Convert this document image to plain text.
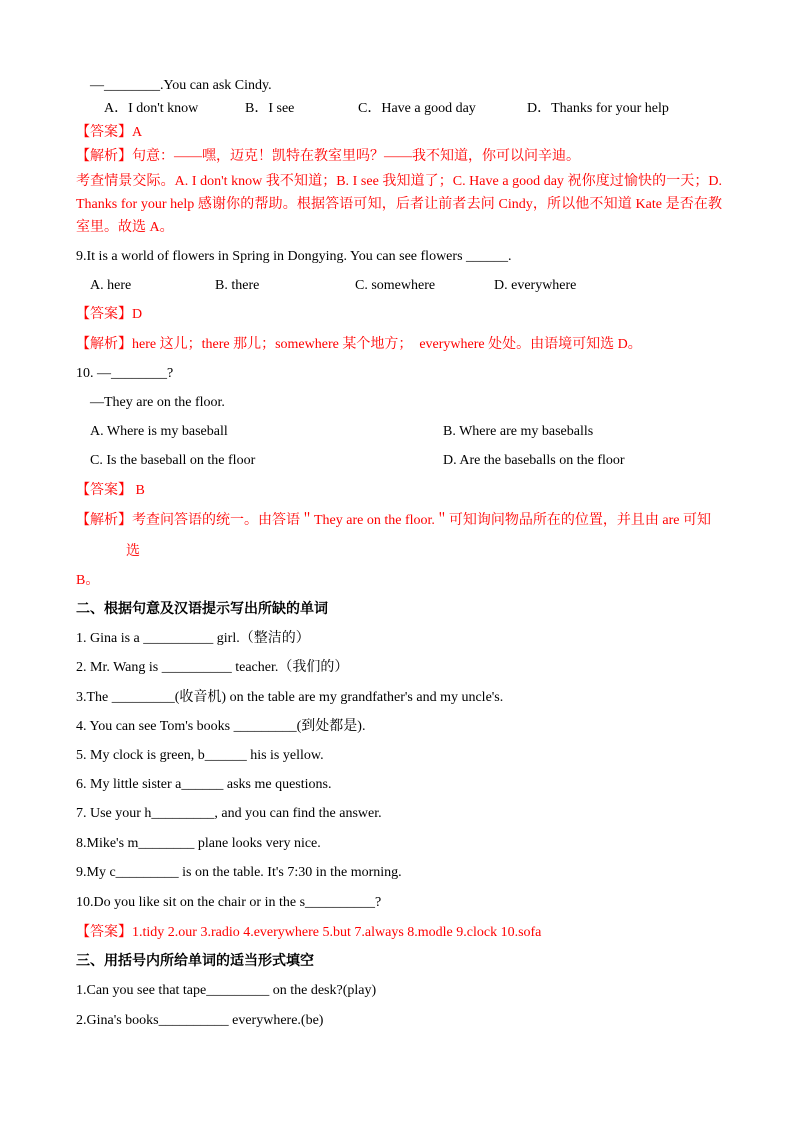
—________.You can ask Cindy.
A．I don't know	B．I see	C．Have a good day	D．Thanks for your help
【答案】A
【解析】句意：——嘿，迈克！凯特在教室里吗？——我不知道，你可以问辛迪。
考查情景交际。A. I don't know 我不知道；B. I see 我知道了；C. Have a good day 祝你度过愉快的一天；D. Thanks for your help 感谢你的帮助。根据答语可知，后者让前者去问 Cindy，所以他不知道 Kate 是否在教室里。故选 A。
9.It is a world of flowers in Spring in Dongying. You can see flowers ______.
A. here	B. there	C. somewhere	D. everywhere
【答案】D
【解析】here 这儿；there 那儿；somewhere 某个地方；　everywhere 处处。由语境可知选 D。
10. —________?
—They are on the floor.
A. Where is my baseball	B. Where are my baseballs
C. Is the baseball on the floor	D. Are the baseballs on the floor
【答案】 B
【解析】考查问答语的统一。由答语＂They are on the floor.＂可知询问物品所在的位置，并且由 are 可知
选
B。
二、根据句意及汉语提示写出所缺的单词
1. Gina is a __________ girl.（整洁的）
2. Mr. Wang is __________ teacher.（我们的）
3.The _________(收音机) on the table are my grandfather's and my uncle's.
4. You can see Tom's books _________(到处都是).
5. My clock is green, b______ his is yellow.
6. My little sister a______ asks me questions.
7. Use your h_________, and you can find the answer.
8.Mike's m________ plane looks very nice.
9.My c_________ is on the table. It's 7:30 in the morning.
10.Do you like sit on the chair or in the s__________?
【答案】1.tidy 2.our 3.radio 4.everywhere 5.but 7.always 8.modle 9.clock 10.sofa
三、用括号内所给单词的适当形式填空
1.Can you see that tape_________ on the desk?(play)
2.Gina's books__________ everywhere.(be)
